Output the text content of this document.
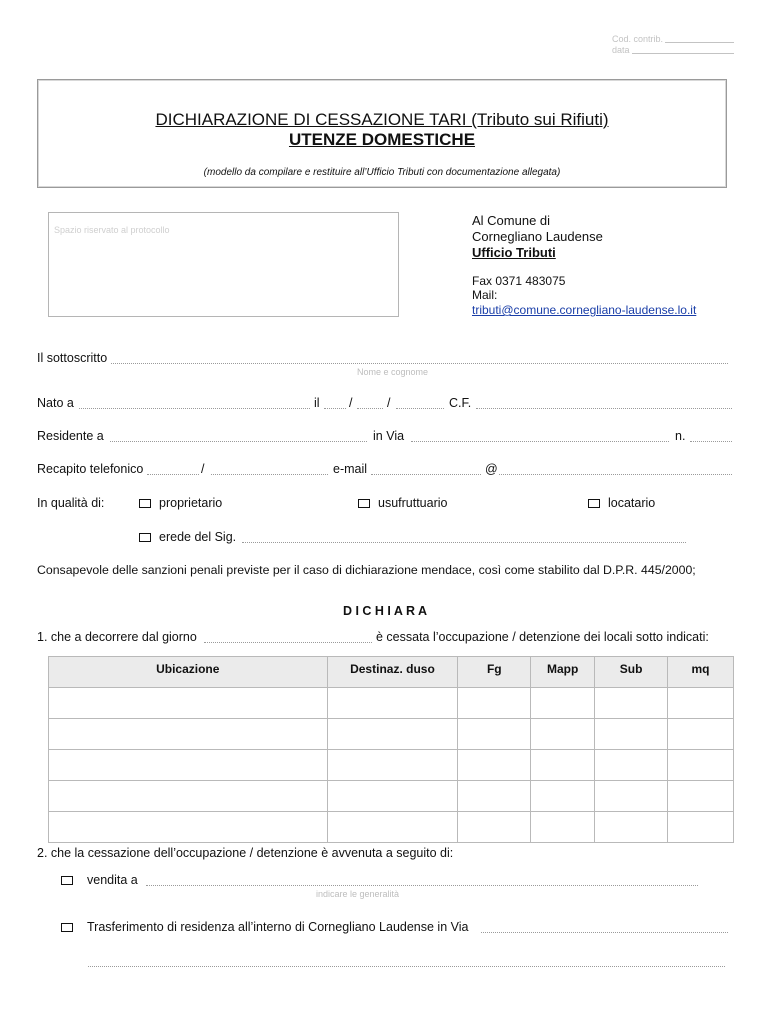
Cod. contrib.
data
DICHIARAZIONE DI CESSAZIONE TARI (Tributo sui Rifiuti)
UTENZE DOMESTICHE
(modello da compilare e restituire all’Ufficio Tributi con documentazione allegata)
Spazio riservato al protocollo
Al Comune di
Cornegliano Laudense
Ufficio Tributi
Fax 0371 483075
Mail:
tributi@comune.cornegliano-laudense.lo.it
Il sottoscritto
Nome e cognome
Nato a	il /	/	C.F.
Residente a	in Via	n.
Recapito telefonico	/	e-mail	@
In qualità di:	proprietario	usufruttuario	locatario
erede del Sig.
Consapevole delle sanzioni penali previste per il caso di dichiarazione mendace, così come stabilito dal D.P.R. 445/2000;
D I C H I A R A
1. che a decorrere dal giorno	è cessata l’occupazione / detenzione dei locali sotto indicati:
Ubicazione	Destinaz. duso	Fg	Mapp	Sub	mq

2. che la cessazione dell’occupazione / detenzione è avvenuta a seguito di:
vendita a
indicare le generalità
Trasferimento di residenza all’interno di Cornegliano Laudense in Via
